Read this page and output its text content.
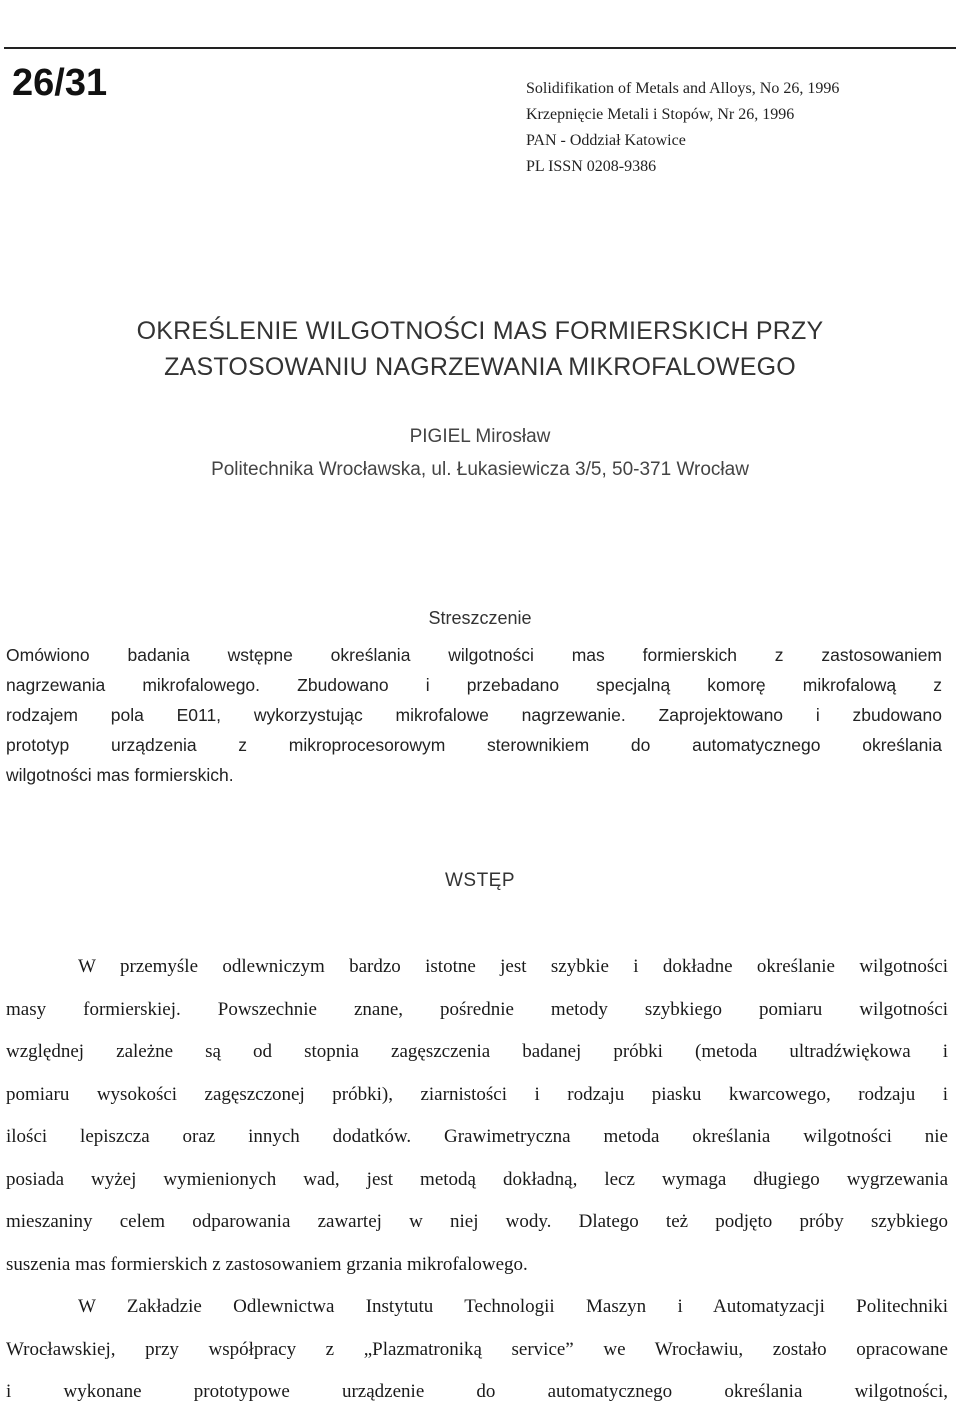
26/31	Solidifikation of Metals and Alloys, No 26, 1996
Krzepnięcie Metali i Stopów, Nr 26, 1996
PAN - Oddział Katowice
PL ISSN 0208-9386
OKREŚLENIE WILGOTNOŚCI MAS FORMIERSKICH PRZY
ZASTOSOWANIU NAGRZEWANIA MIKROFALOWEGO
PIGIEL Mirosław
Politechnika Wrocławska, ul. Łukasiewicza 3/5, 50-371 Wrocław
Streszczenie
Omówiono badania wstępne określania wilgotności mas formierskich z zastosowaniem
nagrzewania mikrofalowego. Zbudowano i przebadano specjalną komorę mikrofalową z
rodzajem pola E011, wykorzystując mikrofalowe nagrzewanie. Zaprojektowano i zbudowano
prototyp urządzenia z mikroprocesorowym sterownikiem do automatycznego określania
wilgotności mas formierskich.
WSTĘP
W przemyśle odlewniczym bardzo istotne jest szybkie i dokładne określanie wilgotności
masy formierskiej. Powszechnie znane, pośrednie metody szybkiego pomiaru wilgotności
względnej zależne są od stopnia zagęszczenia badanej próbki (metoda ultradźwiękowa i
pomiaru wysokości zagęszczonej próbki), ziarnistości i rodzaju piasku kwarcowego, rodzaju i
ilości lepiszcza oraz innych dodatków. Grawimetryczna metoda określania wilgotności nie
posiada wyżej wymienionych wad, jest metodą dokładną, lecz wymaga długiego wygrzewania
mieszaniny celem odparowania zawartej w niej wody. Dlatego też podjęto próby szybkiego
suszenia mas formierskich z zastosowaniem grzania mikrofalowego.
W Zakładzie Odlewnictwa Instytutu Technologii Maszyn i Automatyzacji Politechniki
Wrocławskiej, przy współpracy z „Plazmatroniką service” we Wrocławiu, zostało opracowane
i wykonane prototypowe urządzenie do automatycznego określania wilgotności,
